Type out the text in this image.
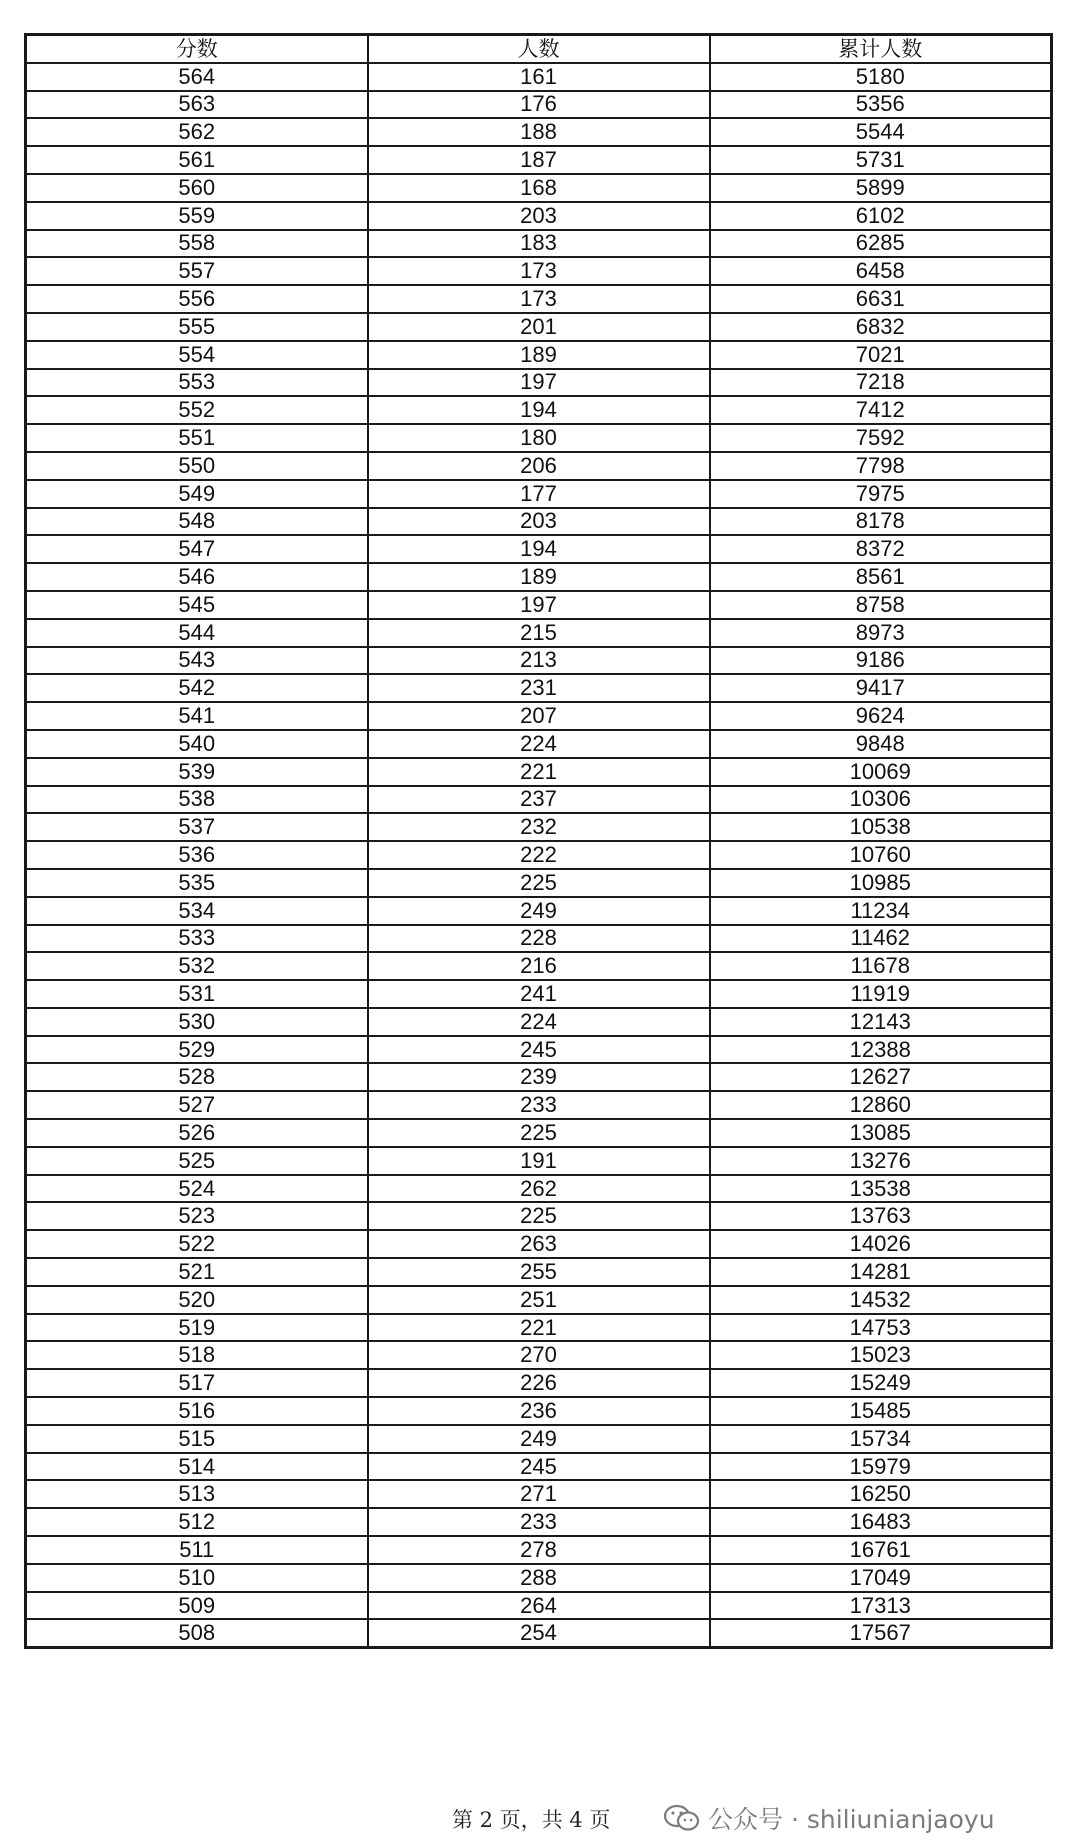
分数	人数	累计人数
564	161	5180
563	176	5356
562	188	5544
561	187	5731
560	168	5899
559	203	6102
558	183	6285
557	173	6458
556	173	6631
555	201	6832
554	189	7021
553	197	7218
552	194	7412
551	180	7592
550	206	7798
549	177	7975
548	203	8178
547	194	8372
546	189	8561
545	197	8758
544	215	8973
543	213	9186
542	231	9417
541	207	9624
540	224	9848
539	221	10069
538	237	10306
537	232	10538
536	222	10760
535	225	10985
534	249	11234
533	228	11462
532	216	11678
531	241	11919
530	224	12143
529	245	12388
528	239	12627
527	233	12860
526	225	13085
525	191	13276
524	262	13538
523	225	13763
522	263	14026
521	255	14281
520	251	14532
519	221	14753
518	270	15023
517	226	15249
516	236	15485
515	249	15734
514	245	15979
513	271	16250
512	233	16483
511	278	16761
510	288	17049
509	264	17313
508	254	17567
第 2 页，共 4 页	公众号 · shiliunianjaoyu
